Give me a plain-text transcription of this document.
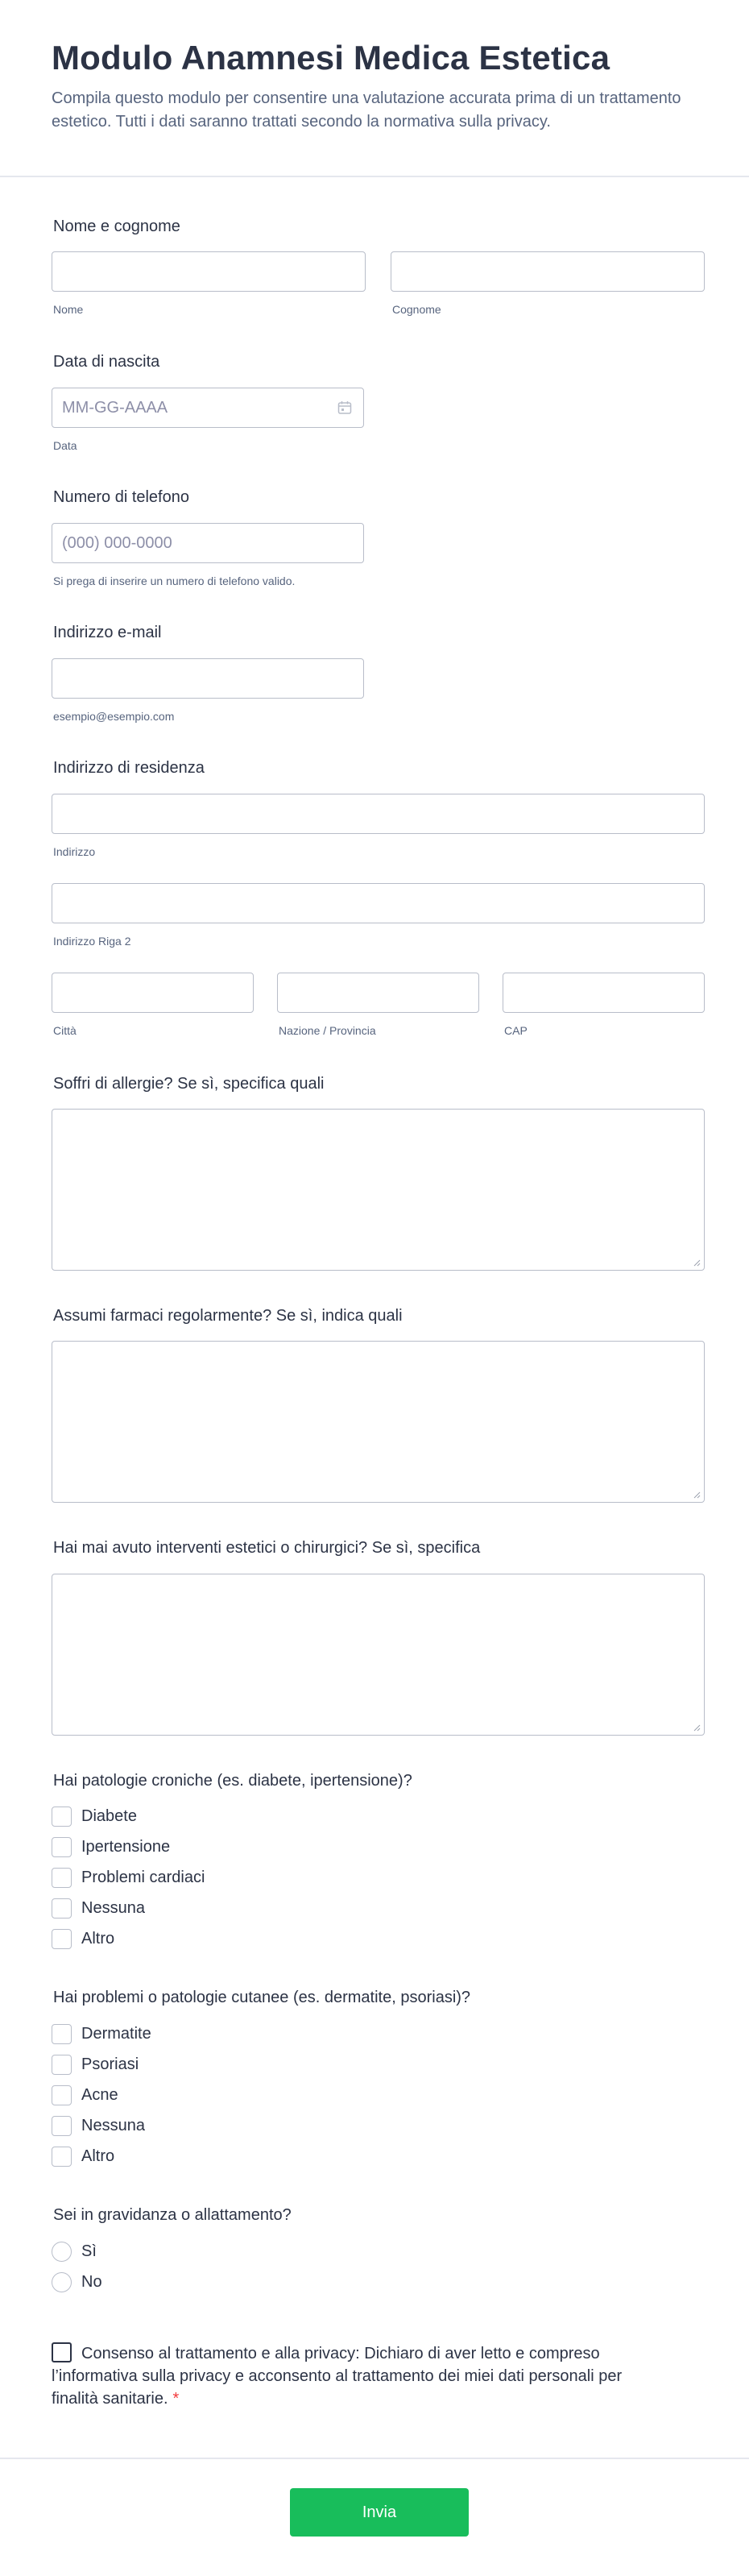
Modulo Anamnesi Medica Estetica

Compila questo modulo per consentire una valutazione accurata prima di un trattamento estetico. Tutti i dati saranno trattati secondo la normativa sulla privacy.

Nome e cognome
Nome	Cognome
Data di nascita
MM-GG-AAAA
Data
Numero di telefono
(000) 000-0000
Si prega di inserire un numero di telefono valido.
Indirizzo e-mail
esempio@esempio.com
Indirizzo di residenza
Indirizzo
Indirizzo Riga 2
Città	Nazione / Provincia	CAP
Soffri di allergie? Se sì, specifica quali
Assumi farmaci regolarmente? Se sì, indica quali
Hai mai avuto interventi estetici o chirurgici? Se sì, specifica
Hai patologie croniche (es. diabete, ipertensione)?
Diabete
Ipertensione
Problemi cardiaci
Nessuna
Altro
Hai problemi o patologie cutanee (es. dermatite, psoriasi)?
Dermatite
Psoriasi
Acne
Nessuna
Altro
Sei in gravidanza o allattamento?
Sì
No
Consenso al trattamento e alla privacy: Dichiaro di aver letto e compreso l’informativa sulla privacy e acconsento al trattamento dei miei dati personali per finalità sanitarie. *
Invia
